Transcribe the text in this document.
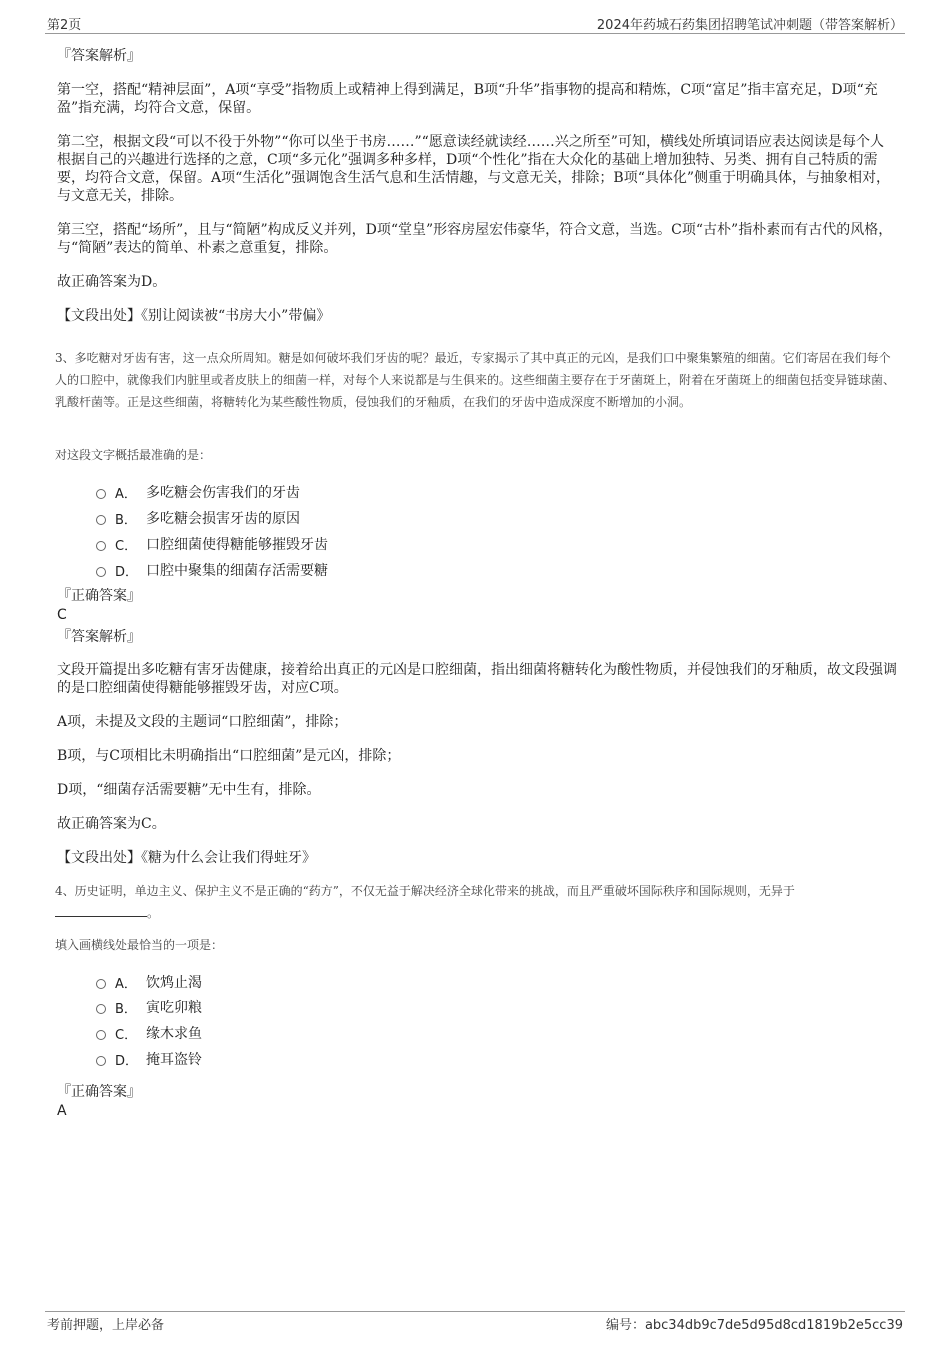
第2页	2024年药城石药集团招聘笔试冲刺题（带答案解析）

『答案解析』

第一空，搭配“精神层面”，A项“享受”指物质上或精神上得到满足，B项“升华”指事物的提高和精炼，C项“富足”指丰富充足，D项“充盈”指充满，均符合文意，保留。

第二空，根据文段“可以不役于外物”“你可以坐于书房……”“愿意读经就读经……兴之所至”可知，横线处所填词语应表达阅读是每个人根据自己的兴趣进行选择的之意，C项“多元化”强调多种多样，D项“个性化”指在大众化的基础上增加独特、另类、拥有自己特质的需要，均符合文意，保留。A项“生活化”强调饱含生活气息和生活情趣，与文意无关，排除；B项“具体化”侧重于明确具体，与抽象相对，与文意无关，排除。

第三空，搭配“场所”，且与“简陋”构成反义并列，D项“堂皇”形容房屋宏伟豪华，符合文意，当选。C项“古朴”指朴素而有古代的风格，与“简陋”表达的简单、朴素之意重复，排除。

故正确答案为D。

【文段出处】《别让阅读被“书房大小”带偏》

3、多吃糖对牙齿有害，这一点众所周知。糖是如何破坏我们牙齿的呢？最近，专家揭示了其中真正的元凶，是我们口中聚集繁殖的细菌。它们寄居在我们每个人的口腔中，就像我们内脏里或者皮肤上的细菌一样，对每个人来说都是与生俱来的。这些细菌主要存在于牙菌斑上，附着在牙菌斑上的细菌包括变异链球菌、乳酸杆菌等。正是这些细菌，将糖转化为某些酸性物质，侵蚀我们的牙釉质，在我们的牙齿中造成深度不断增加的小洞。

对这段文字概括最准确的是：

A． 多吃糖会伤害我们的牙齿
B． 多吃糖会损害牙齿的原因
C． 口腔细菌使得糖能够摧毁牙齿
D． 口腔中聚集的细菌存活需要糖

『正确答案』

C

『答案解析』

文段开篇提出多吃糖有害牙齿健康，接着给出真正的元凶是口腔细菌，指出细菌将糖转化为酸性物质，并侵蚀我们的牙釉质，故文段强调的是口腔细菌使得糖能够摧毁牙齿，对应C项。

A项，未提及文段的主题词“口腔细菌”，排除；

B项，与C项相比未明确指出“口腔细菌”是元凶，排除；

D项，“细菌存活需要糖”无中生有，排除。

故正确答案为C。

【文段出处】《糖为什么会让我们得蛀牙》

4、历史证明，单边主义、保护主义不是正确的“药方”，不仅无益于解决经济全球化带来的挑战，而且严重破坏国际秩序和国际规则，无异于
。

填入画横线处最恰当的一项是：

A． 饮鸩止渴
B． 寅吃卯粮
C． 缘木求鱼
D． 掩耳盗铃

『正确答案』

A

考前押题，上岸必备	编号：abc34db9c7de5d95d8cd1819b2e5cc39
